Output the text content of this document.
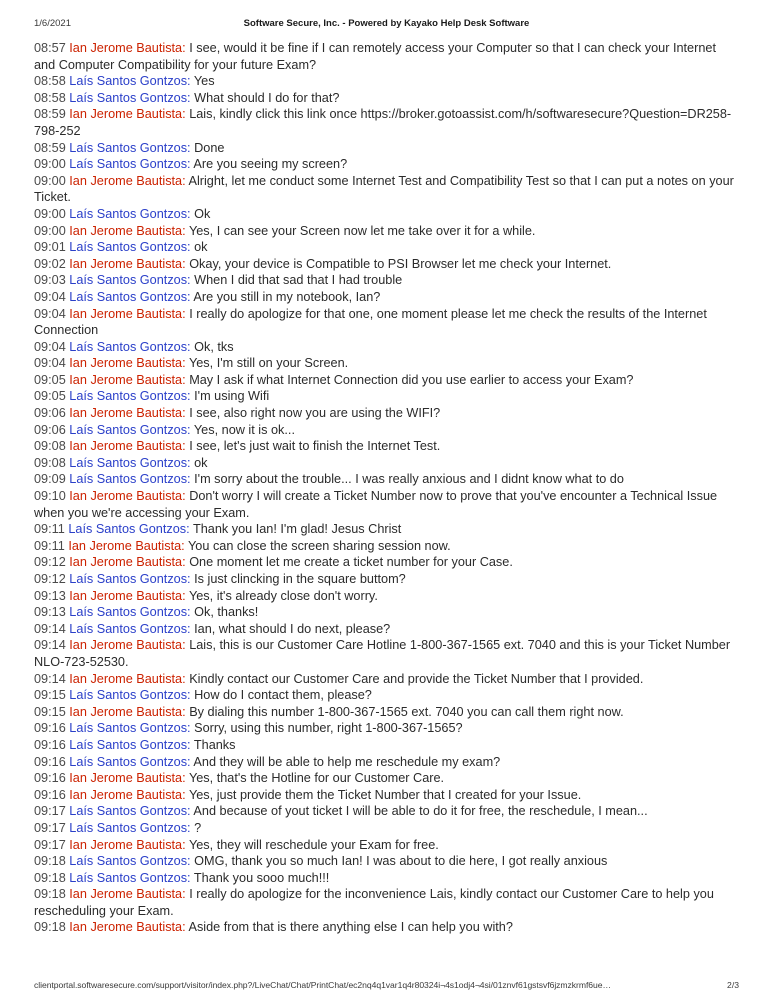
1/6/2021	Software Secure, Inc. - Powered by Kayako Help Desk Software

08:57 Ian Jerome Bautista: I see, would it be fine if I can remotely access your Computer so that I can check your Internet and Computer Compatibility for your future Exam?

08:58 Laís Santos Gontzos: Yes

08:58 Laís Santos Gontzos: What should I do for that?

08:59 Ian Jerome Bautista: Lais, kindly click this link once https://broker.gotoassist.com/h/softwaresecure?Question=DR258-798-252

08:59 Laís Santos Gontzos: Done

09:00 Laís Santos Gontzos: Are you seeing my screen?

09:00 Ian Jerome Bautista: Alright, let me conduct some Internet Test and Compatibility Test so that I can put a notes on your Ticket.

09:00 Laís Santos Gontzos: Ok

09:00 Ian Jerome Bautista: Yes, I can see your Screen now let me take over it for a while.

09:01 Laís Santos Gontzos: ok

09:02 Ian Jerome Bautista: Okay, your device is Compatible to PSI Browser let me check your Internet.

09:03 Laís Santos Gontzos: When I did that sad that I had trouble

09:04 Laís Santos Gontzos: Are you still in my notebook, Ian?

09:04 Ian Jerome Bautista: I really do apologize for that one, one moment please let me check the results of the Internet Connection

09:04 Laís Santos Gontzos: Ok, tks

09:04 Ian Jerome Bautista: Yes, I'm still on your Screen.

09:05 Ian Jerome Bautista: May I ask if what Internet Connection did you use earlier to access your Exam?

09:05 Laís Santos Gontzos: I'm using Wifi

09:06 Ian Jerome Bautista: I see, also right now you are using the WIFI?

09:06 Laís Santos Gontzos: Yes, now it is ok...

09:08 Ian Jerome Bautista: I see, let's just wait to finish the Internet Test.

09:08 Laís Santos Gontzos: ok

09:09 Laís Santos Gontzos: I'm sorry about the trouble... I was really anxious and I didnt know what to do

09:10 Ian Jerome Bautista: Don't worry I will create a Ticket Number now to prove that you've encounter a Technical Issue when you we're accessing your Exam.

09:11 Laís Santos Gontzos: Thank you Ian! I'm glad! Jesus Christ

09:11 Ian Jerome Bautista: You can close the screen sharing session now.

09:12 Ian Jerome Bautista: One moment let me create a ticket number for your Case.

09:12 Laís Santos Gontzos: Is just clincking in the square buttom?

09:13 Ian Jerome Bautista: Yes, it's already close don't worry.

09:13 Laís Santos Gontzos: Ok, thanks!

09:14 Laís Santos Gontzos: Ian, what should I do next, please?

09:14 Ian Jerome Bautista: Lais, this is our Customer Care Hotline 1-800-367-1565 ext. 7040 and this is your Ticket Number NLO-723-52530.

09:14 Ian Jerome Bautista: Kindly contact our Customer Care and provide the Ticket Number that I provided.

09:15 Laís Santos Gontzos: How do I contact them, please?

09:15 Ian Jerome Bautista: By dialing this number 1-800-367-1565 ext. 7040 you can call them right now.

09:16 Laís Santos Gontzos: Sorry, using this number, right 1-800-367-1565?

09:16 Laís Santos Gontzos: Thanks

09:16 Laís Santos Gontzos: And they will be able to help me reschedule my exam?

09:16 Ian Jerome Bautista: Yes, that's the Hotline for our Customer Care.

09:16 Ian Jerome Bautista: Yes, just provide them the Ticket Number that I created for your Issue.

09:17 Laís Santos Gontzos: And because of yout ticket I will be able to do it for free, the reschedule, I mean...

09:17 Laís Santos Gontzos: ?

09:17 Ian Jerome Bautista: Yes, they will reschedule your Exam for free.

09:18 Laís Santos Gontzos: OMG, thank you so much Ian! I was about to die here, I got really anxious

09:18 Laís Santos Gontzos: Thank you sooo much!!!

09:18 Ian Jerome Bautista: I really do apologize for the inconvenience Lais, kindly contact our Customer Care to help you rescheduling your Exam.

09:18 Ian Jerome Bautista: Aside from that is there anything else I can help you with?

clientportal.softwaresecure.com/support/visitor/index.php?/LiveChat/Chat/PrintChat/ec2nq4q1var1q4r80324i¬4s1odj4¬4si/01znvf61gstsvf6jzmzkrmf6ue…	2/3
